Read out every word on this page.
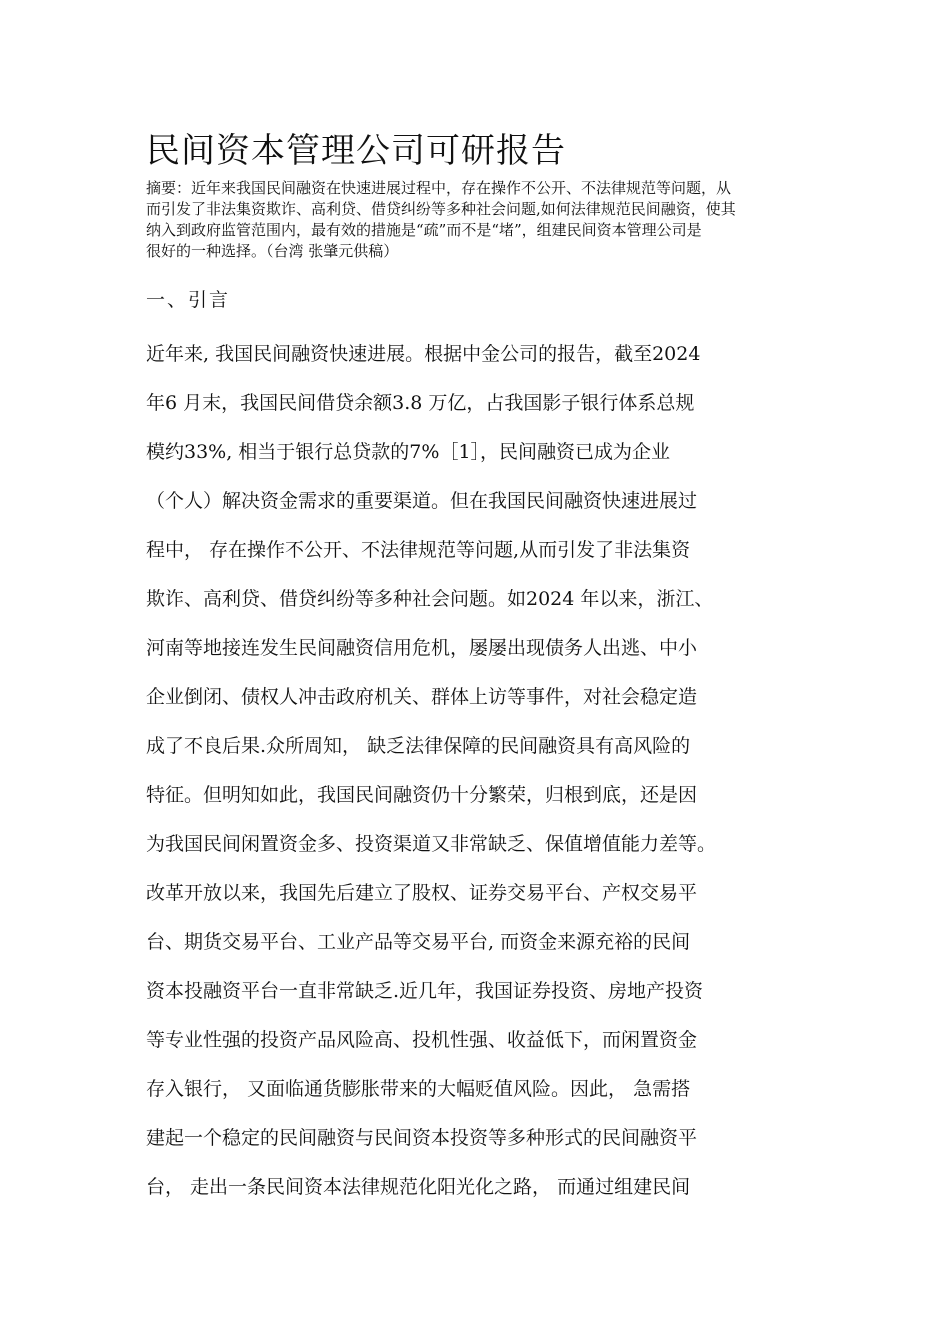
民间资本管理公司可研报告
摘要：近年来我国民间融资在快速进展过程中，存在操作不公开、不法律规范等问题，从
而引发了非法集资欺诈、高利贷、借贷纠纷等多种社会问题,如何法律规范民间融资，使其
纳入到政府监管范围内，最有效的措施是“疏”而不是“堵”，组建民间资本管理公司是
很好的一种选择。（台湾 张肇元供稿）
一、引言
近年来, 我国民间融资快速进展。根据中金公司的报告，截至2024
年6 月末，我国民间借贷余额3.8 万亿，占我国影子银行体系总规
模约33%, 相当于银行总贷款的7%［1］，民间融资已成为企业
（个人）解决资金需求的重要渠道。但在我国民间融资快速进展过
程中， 存在操作不公开、不法律规范等问题,从而引发了非法集资
欺诈、高利贷、借贷纠纷等多种社会问题。如2024 年以来，浙江、
河南等地接连发生民间融资信用危机，屡屡出现债务人出逃、中小
企业倒闭、债权人冲击政府机关、群体上访等事件，对社会稳定造
成了不良后果.众所周知， 缺乏法律保障的民间融资具有高风险的
特征。但明知如此，我国民间融资仍十分繁荣，归根到底，还是因
为我国民间闲置资金多、投资渠道又非常缺乏、保值增值能力差等。
改革开放以来，我国先后建立了股权、证券交易平台、产权交易平
台、期货交易平台、工业产品等交易平台, 而资金来源充裕的民间
资本投融资平台一直非常缺乏.近几年，我国证券投资、房地产投资
等专业性强的投资产品风险高、投机性强、收益低下，而闲置资金
存入银行， 又面临通货膨胀带来的大幅贬值风险。因此， 急需搭
建起一个稳定的民间融资与民间资本投资等多种形式的民间融资平
台， 走出一条民间资本法律规范化阳光化之路， 而通过组建民间
